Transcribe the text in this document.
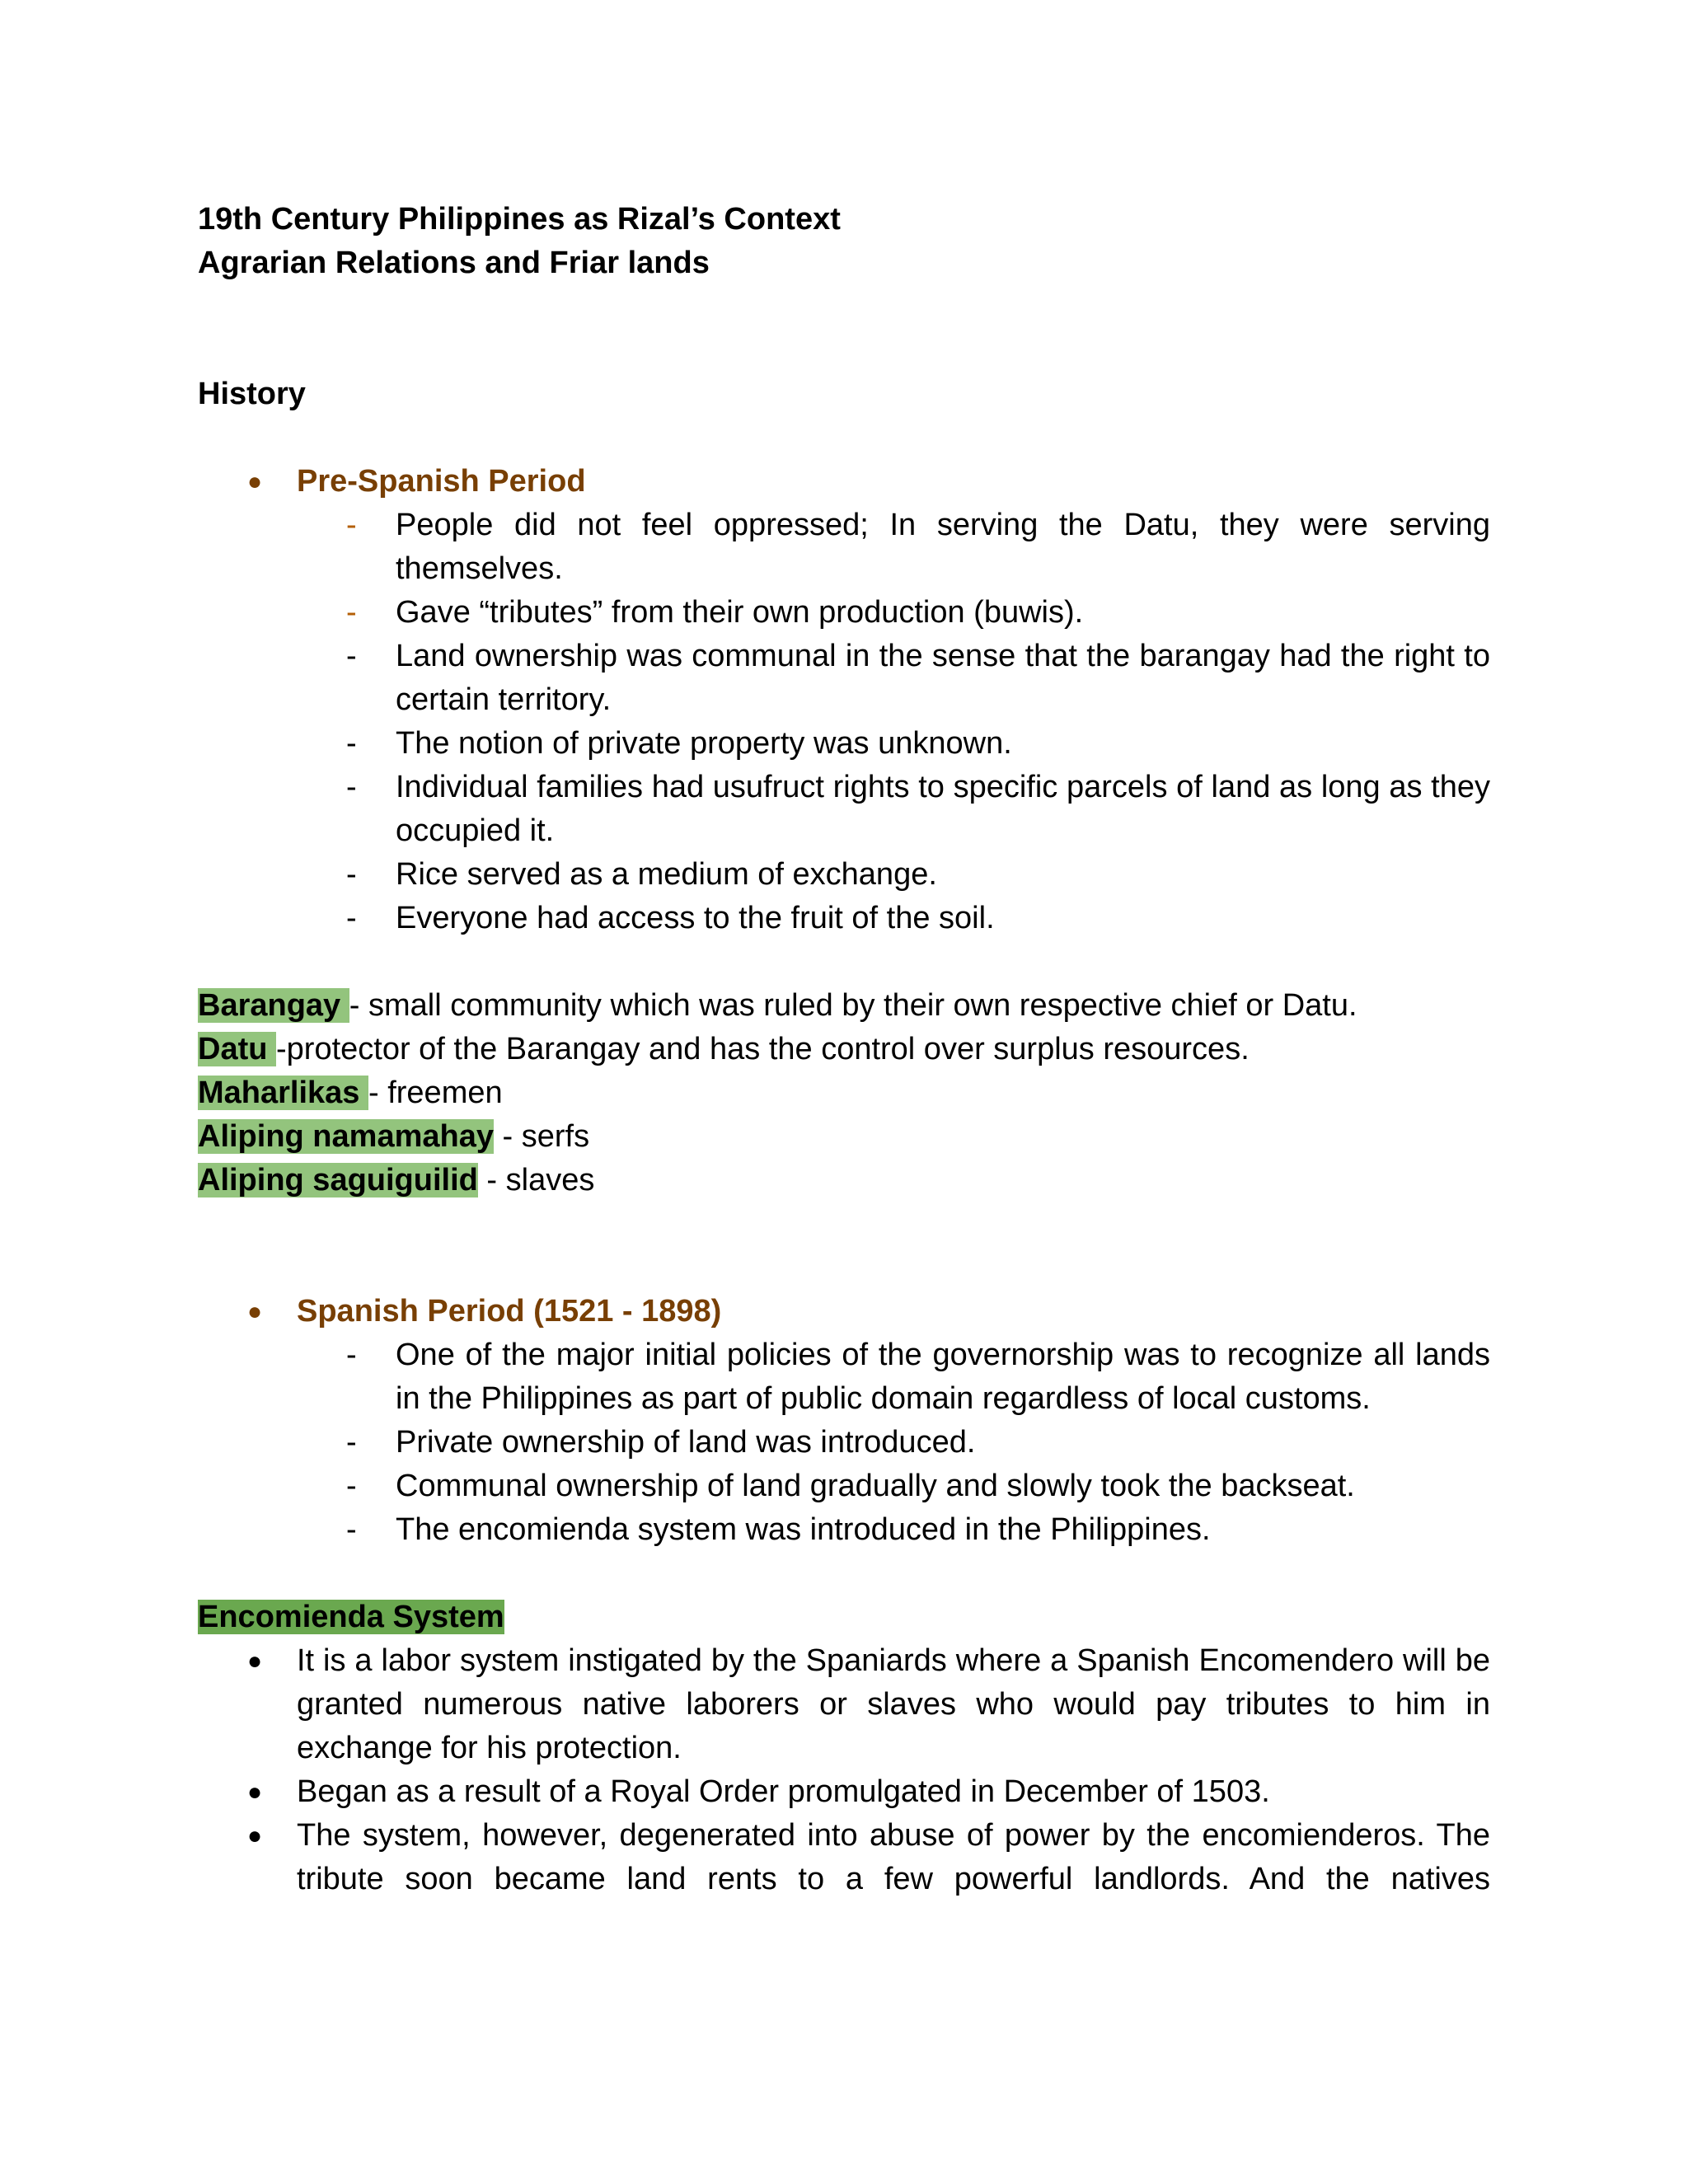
19th Century Philippines as Rizal’s Context

Agrarian Relations and Friar lands

History
● Pre-Spanish Period
- People did not feel oppressed; In serving the Datu, they were serving themselves.
- Gave “tributes” from their own production (buwis).
- Land ownership was communal in the sense that the barangay had the right to certain territory.
- The notion of private property was unknown.
- Individual families had usufruct rights to specific parcels of land as long as they occupied it.
- Rice served as a medium of exchange.
- Everyone had access to the fruit of the soil.
Barangay - small community which was ruled by their own respective chief or Datu.
Datu -protector of the Barangay and has the control over surplus resources.
Maharlikas - freemen
Aliping namamahay - serfs
Aliping saguiguilid - slaves
● Spanish Period (1521 - 1898)
- One of the major initial policies of the governorship was to recognize all lands in the Philippines as part of public domain regardless of local customs.
- Private ownership of land was introduced.
- Communal ownership of land gradually and slowly took the backseat.
- The encomienda system was introduced in the Philippines.
Encomienda System
● It is a labor system instigated by the Spaniards where a Spanish Encomendero will be granted numerous native laborers or slaves who would pay tributes to him in exchange for his protection.
● Began as a result of a Royal Order promulgated in December of 1503.
● The system, however, degenerated into abuse of power by the encomienderos. The tribute soon became land rents to a few powerful landlords. And the natives
